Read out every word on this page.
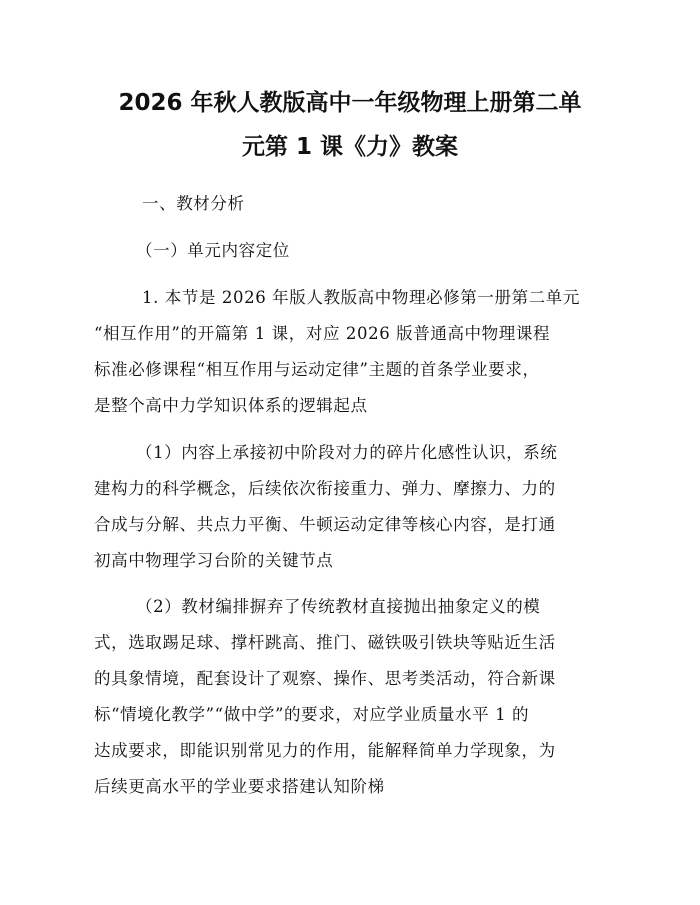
2026 年秋人教版高中一年级物理上册第二单
元第 1 课《力》教案
一、教材分析
（一）单元内容定位
1. 本节是 2026 年版人教版高中物理必修第一册第二单元
“相互作用”的开篇第 1 课，对应 2026 版普通高中物理课程
标准必修课程“相互作用与运动定律”主题的首条学业要求，
是整个高中力学知识体系的逻辑起点
（1）内容上承接初中阶段对力的碎片化感性认识，系统
建构力的科学概念，后续依次衔接重力、弹力、摩擦力、力的
合成与分解、共点力平衡、牛顿运动定律等核心内容，是打通
初高中物理学习台阶的关键节点
（2）教材编排摒弃了传统教材直接抛出抽象定义的模
式，选取踢足球、撑杆跳高、推门、磁铁吸引铁块等贴近生活
的具象情境，配套设计了观察、操作、思考类活动，符合新课
标“情境化教学”“做中学”的要求，对应学业质量水平 1 的
达成要求，即能识别常见力的作用，能解释简单力学现象，为
后续更高水平的学业要求搭建认知阶梯
